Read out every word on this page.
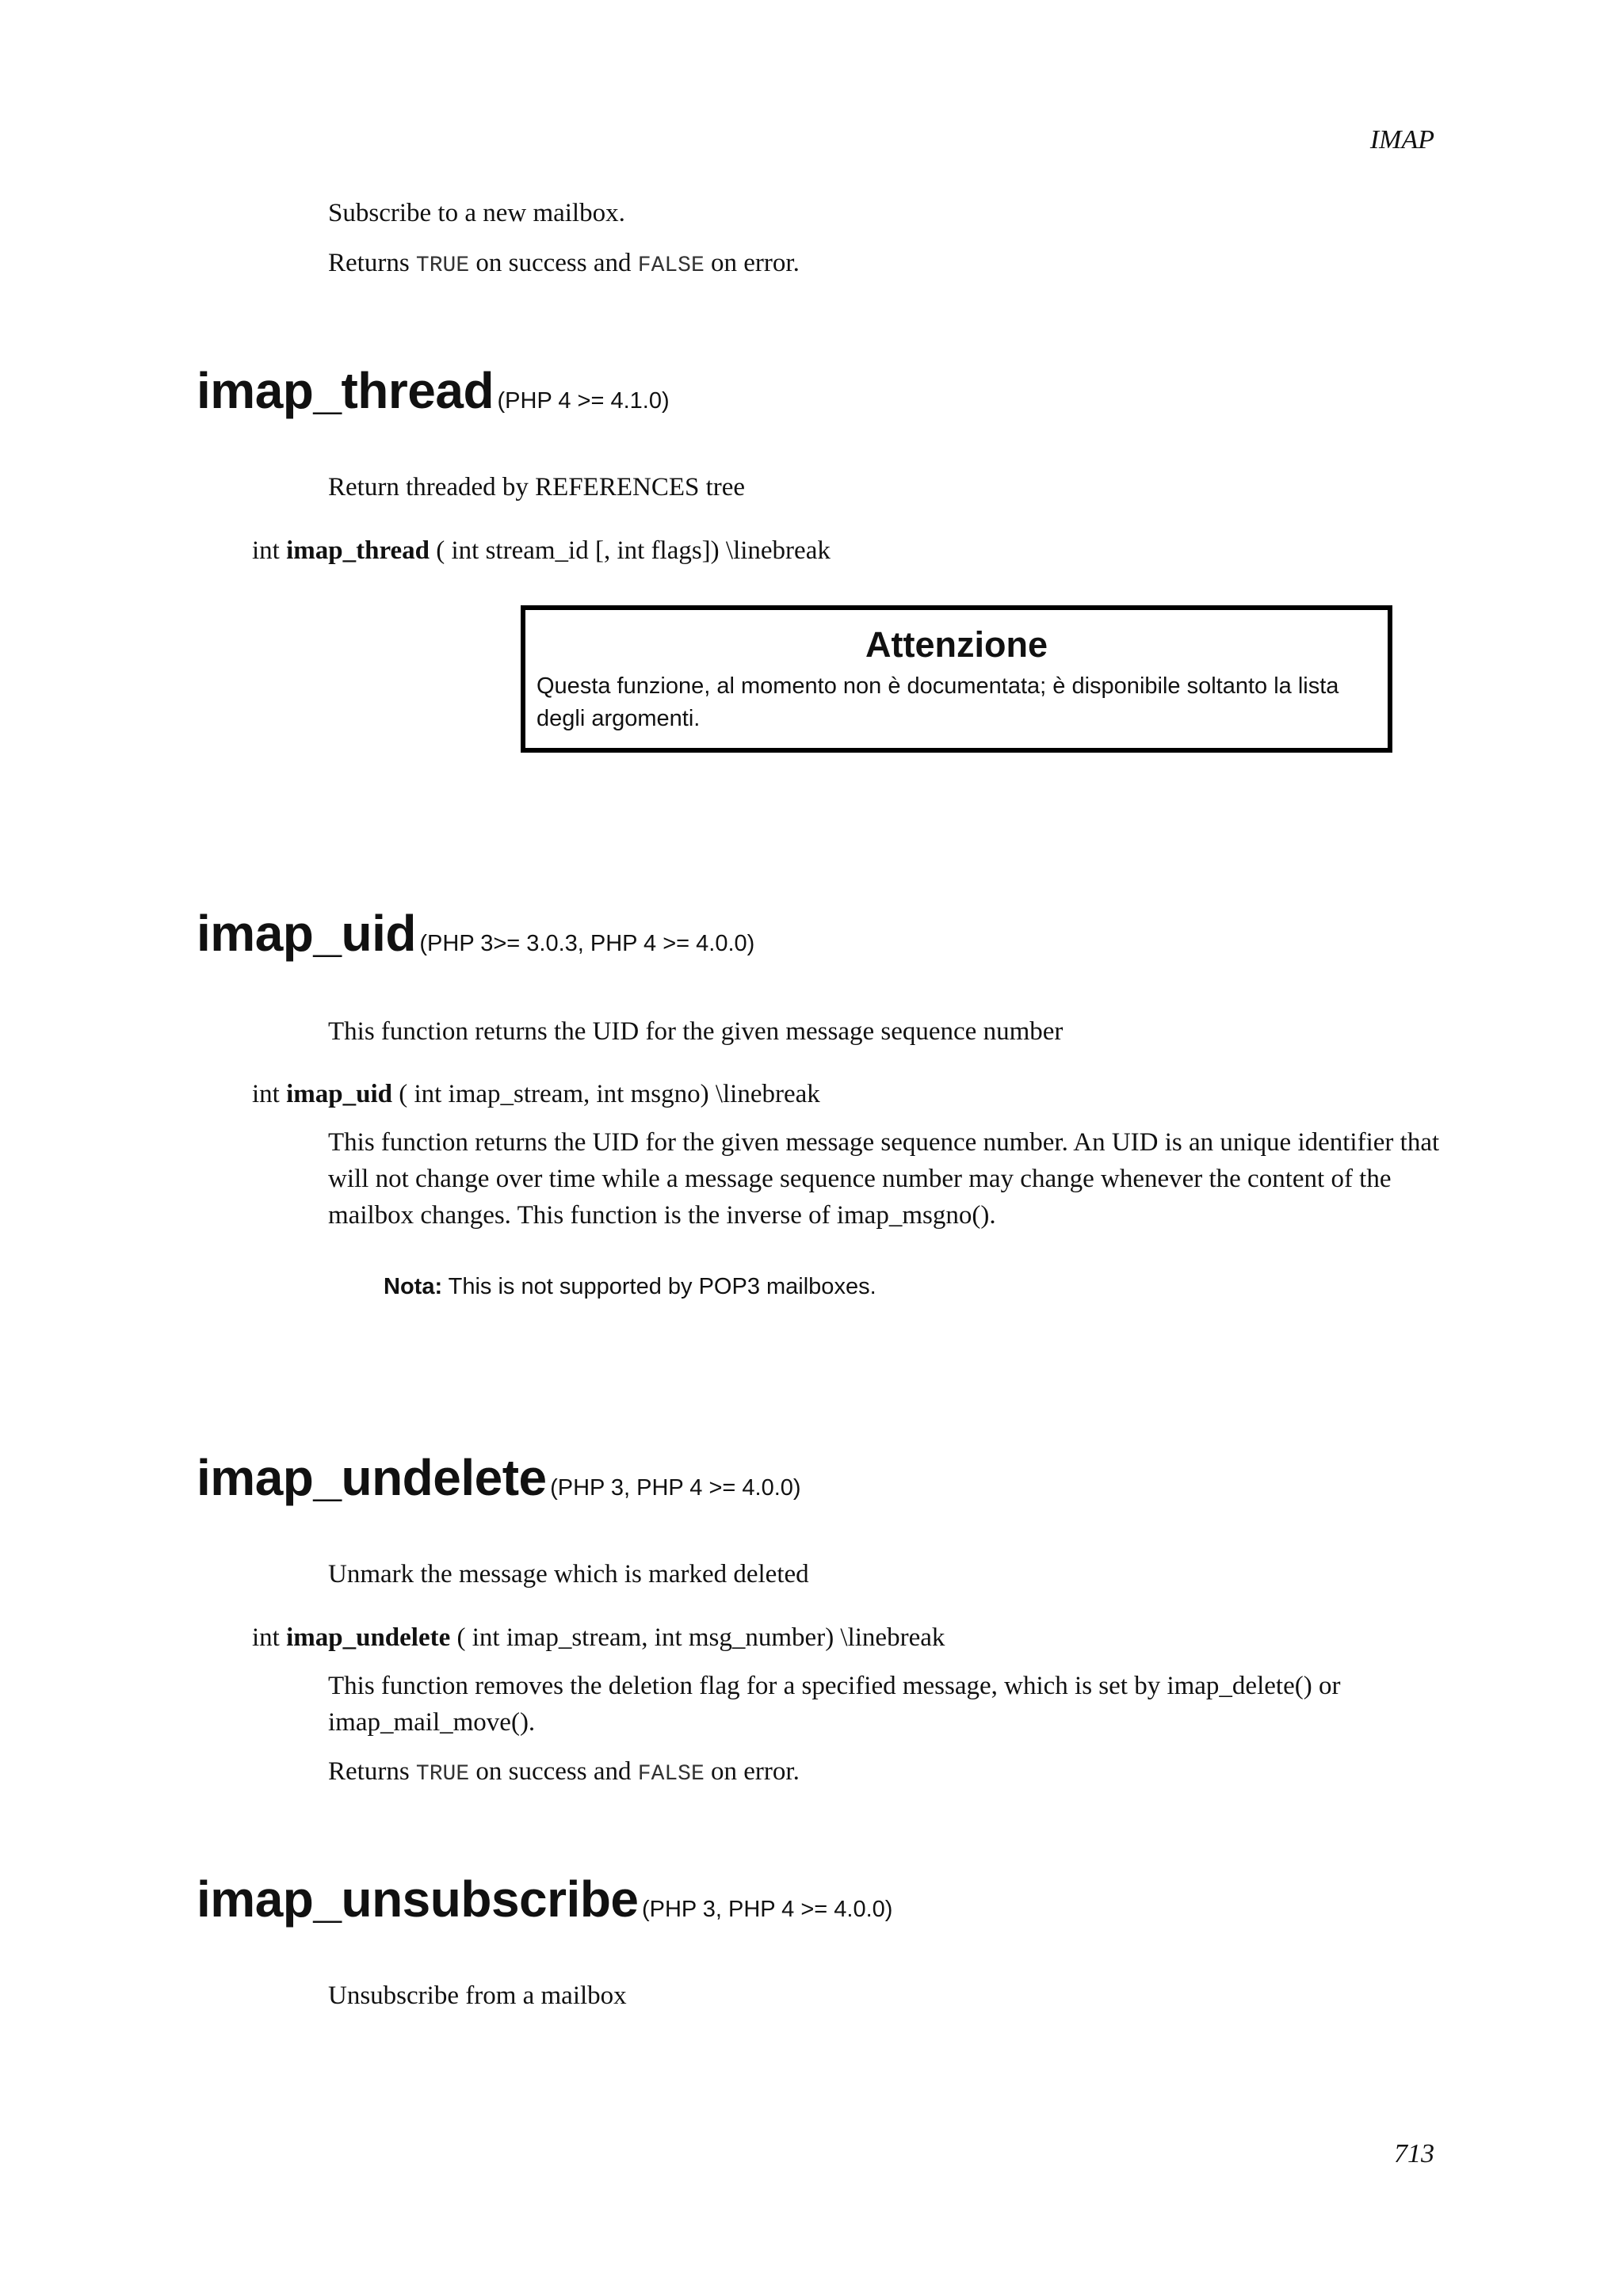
IMAP
Subscribe to a new mailbox.
Returns TRUE on success and FALSE on error.
imap_thread (PHP 4 >= 4.1.0)
Return threaded by REFERENCES tree
int imap_thread ( int stream_id [, int flags]) \linebreak
Attenzione
Questa funzione, al momento non è documentata; è disponibile soltanto la lista degli argomenti.
imap_uid (PHP 3>= 3.0.3, PHP 4 >= 4.0.0)
This function returns the UID for the given message sequence number
int imap_uid ( int imap_stream, int msgno) \linebreak
This function returns the UID for the given message sequence number. An UID is an unique identifier that will not change over time while a message sequence number may change whenever the content of the mailbox changes. This function is the inverse of imap_msgno().
Nota: This is not supported by POP3 mailboxes.
imap_undelete (PHP 3, PHP 4 >= 4.0.0)
Unmark the message which is marked deleted
int imap_undelete ( int imap_stream, int msg_number) \linebreak
This function removes the deletion flag for a specified message, which is set by imap_delete() or imap_mail_move().
Returns TRUE on success and FALSE on error.
imap_unsubscribe (PHP 3, PHP 4 >= 4.0.0)
Unsubscribe from a mailbox
713
